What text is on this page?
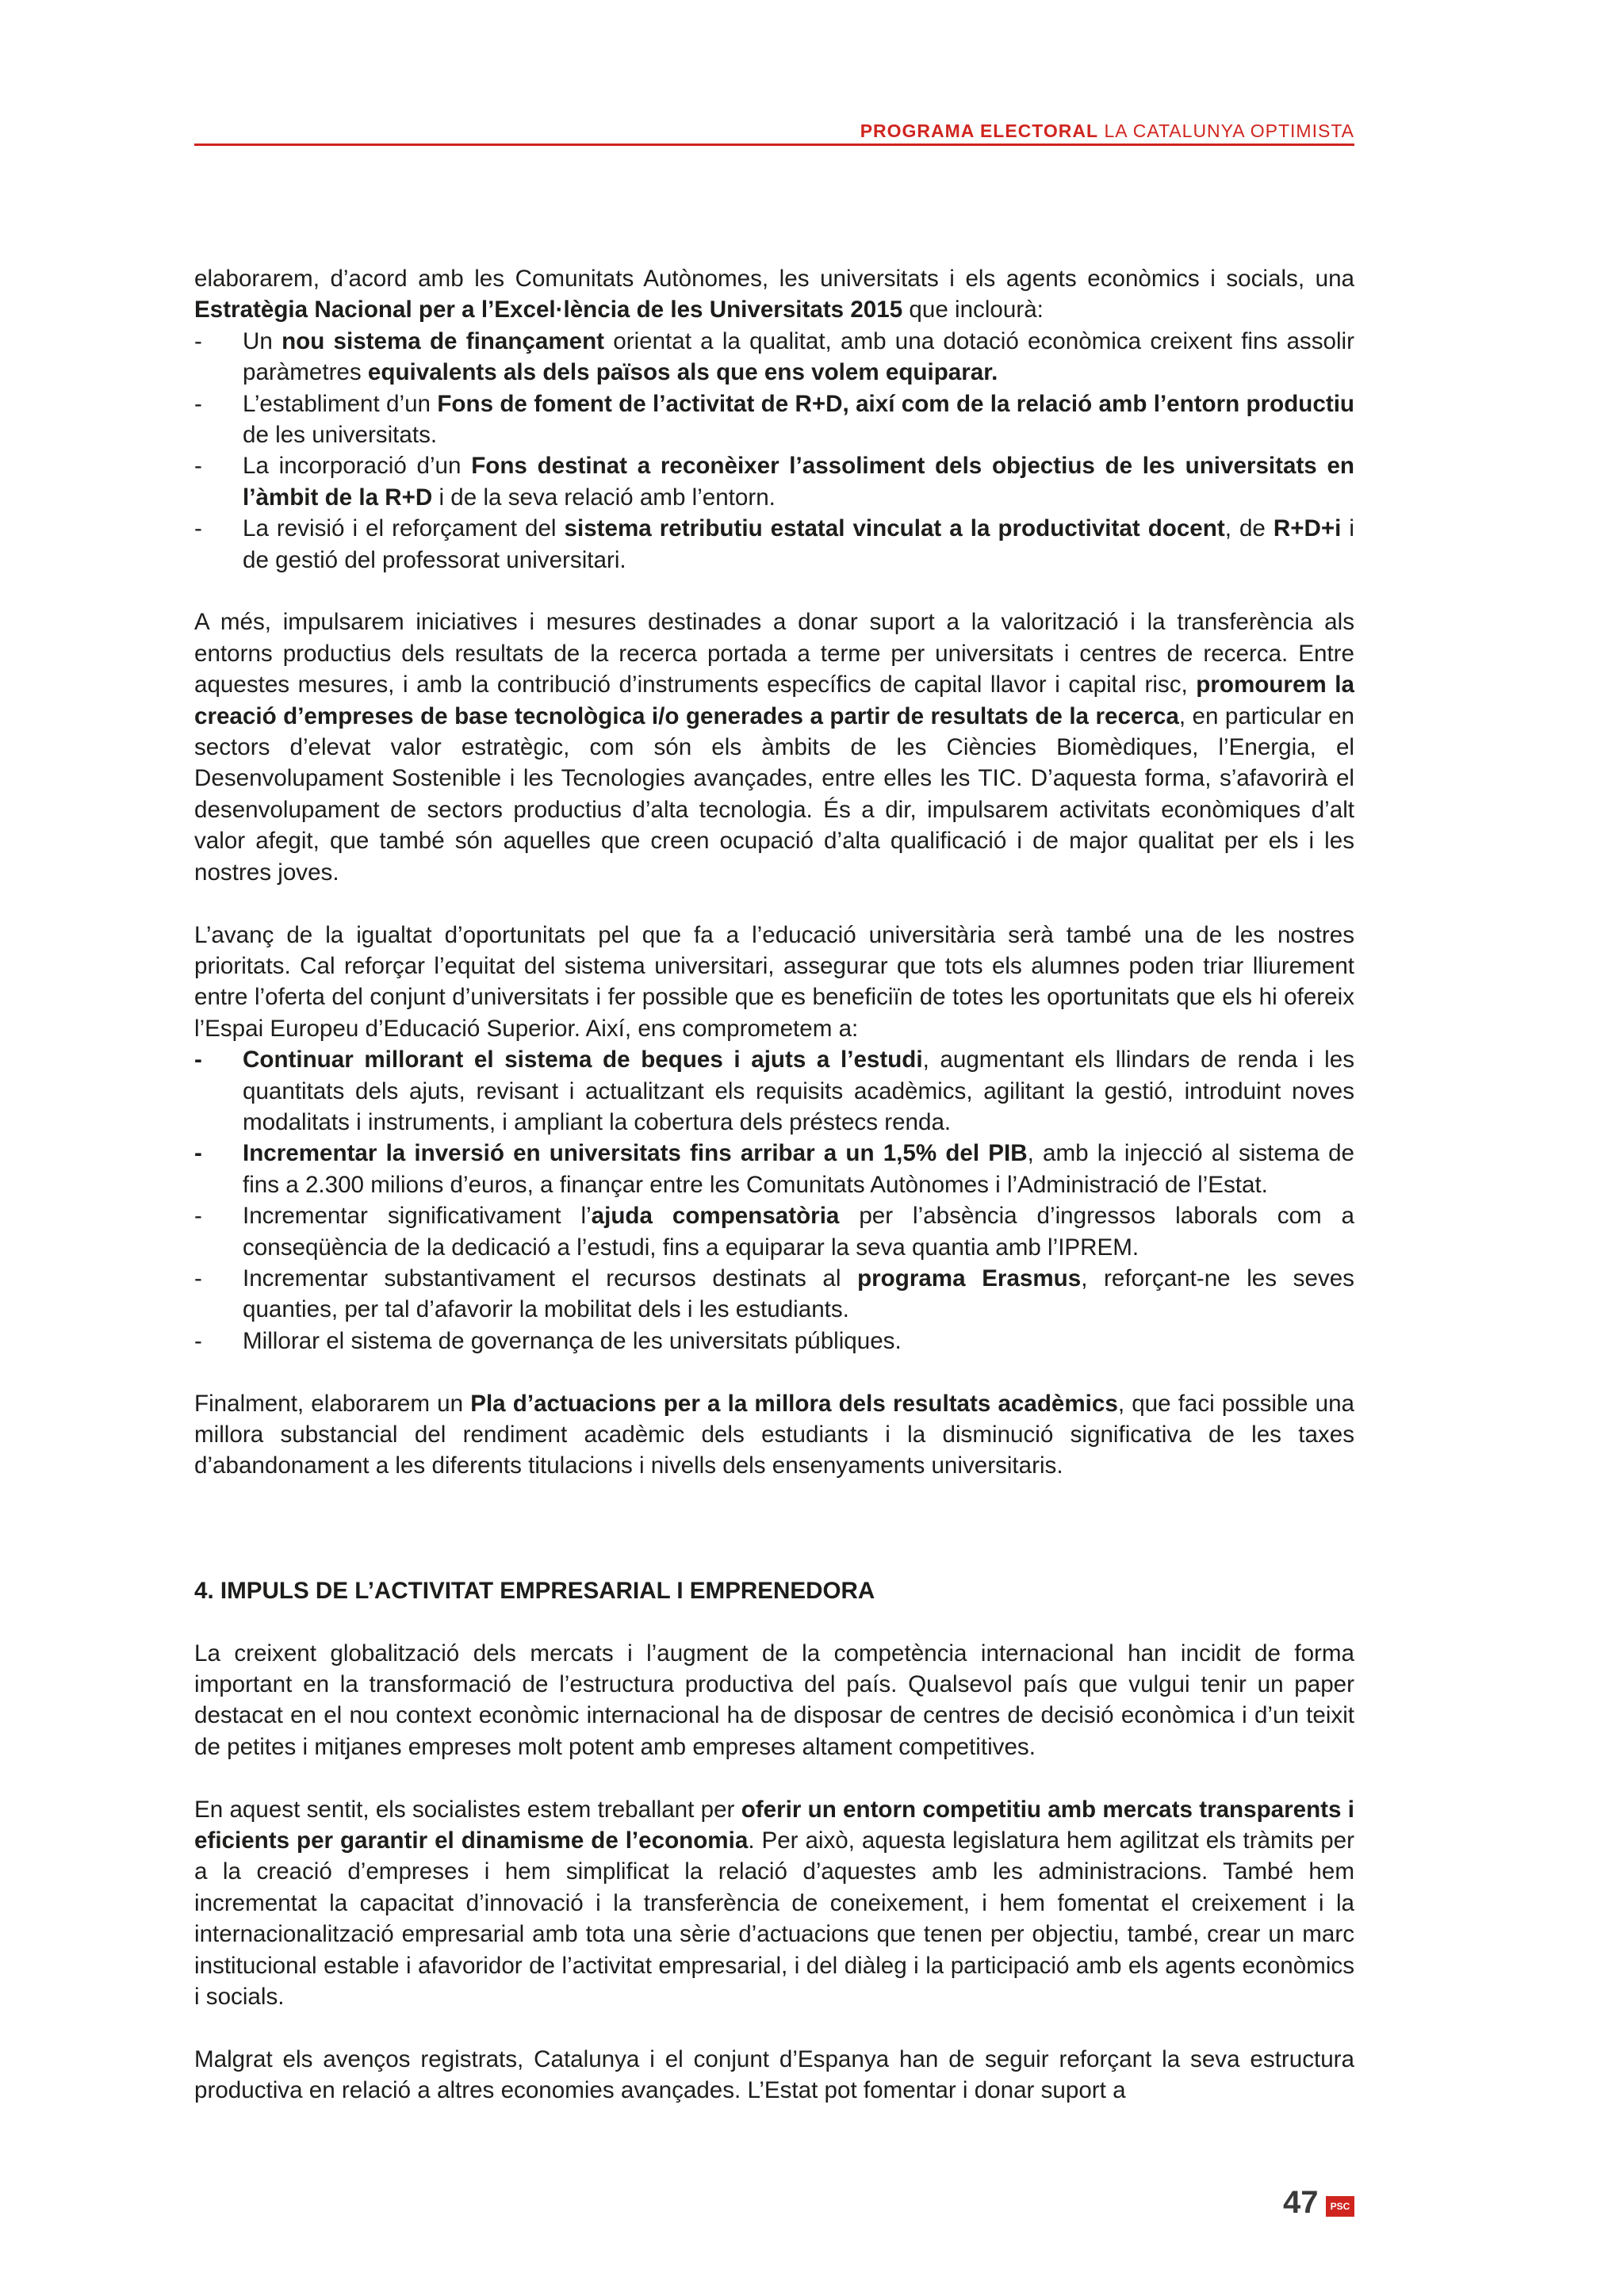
PROGRAMA ELECTORAL LA CATALUNYA OPTIMISTA

elaborarem, d’acord amb les Comunitats Autònomes, les universitats i els agents econòmics i socials, una Estratègia Nacional per a l’Excel·lència de les Universitats 2015 que inclourà:

- Un nou sistema de finançament orientat a la qualitat, amb una dotació econòmica creixent fins assolir paràmetres equivalents als dels països als que ens volem equiparar.
- L’establiment d’un Fons de foment de l’activitat de R+D, així com de la relació amb l’entorn productiu de les universitats.
- La incorporació d’un Fons destinat a reconèixer l’assoliment dels objectius de les universitats en l’àmbit de la R+D i de la seva relació amb l’entorn.
- La revisió i el reforçament del sistema retributiu estatal vinculat a la productivitat docent, de R+D+i i de gestió del professorat universitari.

A més, impulsarem iniciatives i mesures destinades a donar suport a la valorització i la transferència als entorns productius dels resultats de la recerca portada a terme per universitats i centres de recerca. Entre aquestes mesures, i amb la contribució d’instruments específics de capital llavor i capital risc, promourem la creació d’empreses de base tecnològica i/o generades a partir de resultats de la recerca, en particular en sectors d’elevat valor estratègic, com són els àmbits de les Ciències Biomèdiques, l’Energia, el Desenvolupament Sostenible i les Tecnologies avançades, entre elles les TIC. D’aquesta forma, s’afavorirà el desenvolupament de sectors productius d’alta tecnologia. És a dir, impulsarem activitats econòmiques d’alt valor afegit, que també són aquelles que creen ocupació d’alta qualificació i de major qualitat per els i les nostres joves.

L’avanç de la igualtat d’oportunitats pel que fa a l’educació universitària serà també una de les nostres prioritats. Cal reforçar l’equitat del sistema universitari, assegurar que tots els alumnes poden triar lliurement entre l’oferta del conjunt d’universitats i fer possible que es beneficiïn de totes les oportunitats que els hi ofereix l’Espai Europeu d’Educació Superior. Així, ens comprometem a:

- Continuar millorant el sistema de beques i ajuts a l’estudi, augmentant els llindars de renda i les quantitats dels ajuts, revisant i actualitzant els requisits acadèmics, agilitant la gestió, introduint noves modalitats i instruments, i ampliant la cobertura dels préstecs renda.
- Incrementar la inversió en universitats fins arribar a un 1,5% del PIB, amb la injecció al sistema de fins a 2.300 milions d’euros, a finançar entre les Comunitats Autònomes i l’Administració de l’Estat.
- Incrementar significativament l’ajuda compensatòria per l’absència d’ingressos laborals com a conseqüència de la dedicació a l’estudi, fins a equiparar la seva quantia amb l’IPREM.
- Incrementar substantivament el recursos destinats al programa Erasmus, reforçant-ne les seves quanties, per tal d’afavorir la mobilitat dels i les estudiants.
- Millorar el sistema de governança de les universitats públiques.

Finalment, elaborarem un Pla d’actuacions per a la millora dels resultats acadèmics, que faci possible una millora substancial del rendiment acadèmic dels estudiants i la disminució significativa de les taxes d’abandonament a les diferents titulacions i nivells dels ensenyaments universitaris.

4. IMPULS DE L’ACTIVITAT EMPRESARIAL I EMPRENEDORA

La creixent globalització dels mercats i l’augment de la competència internacional han incidit de forma important en la transformació de l’estructura productiva del país. Qualsevol país que vulgui tenir un paper destacat en el nou context econòmic internacional ha de disposar de centres de decisió econòmica i d’un teixit de petites i mitjanes empreses molt potent amb empreses altament competitives.

En aquest sentit, els socialistes estem treballant per oferir un entorn competitiu amb mercats transparents i eficients per garantir el dinamisme de l’economia. Per això, aquesta legislatura hem agilitzat els tràmits per a la creació d’empreses i hem simplificat la relació d’aquestes amb les administracions. També hem incrementat la capacitat d’innovació i la transferència de coneixement, i hem fomentat el creixement i la internacionalització empresarial amb tota una sèrie d’actuacions que tenen per objectiu, també, crear un marc institucional estable i afavoridor de l’activitat empresarial, i del diàleg i la participació amb els agents econòmics i socials.

Malgrat els avenços registrats, Catalunya i el conjunt d’Espanya han de seguir reforçant la seva estructura productiva en relació a altres economies avançades. L’Estat pot fomentar i donar suport a

47	PSC
